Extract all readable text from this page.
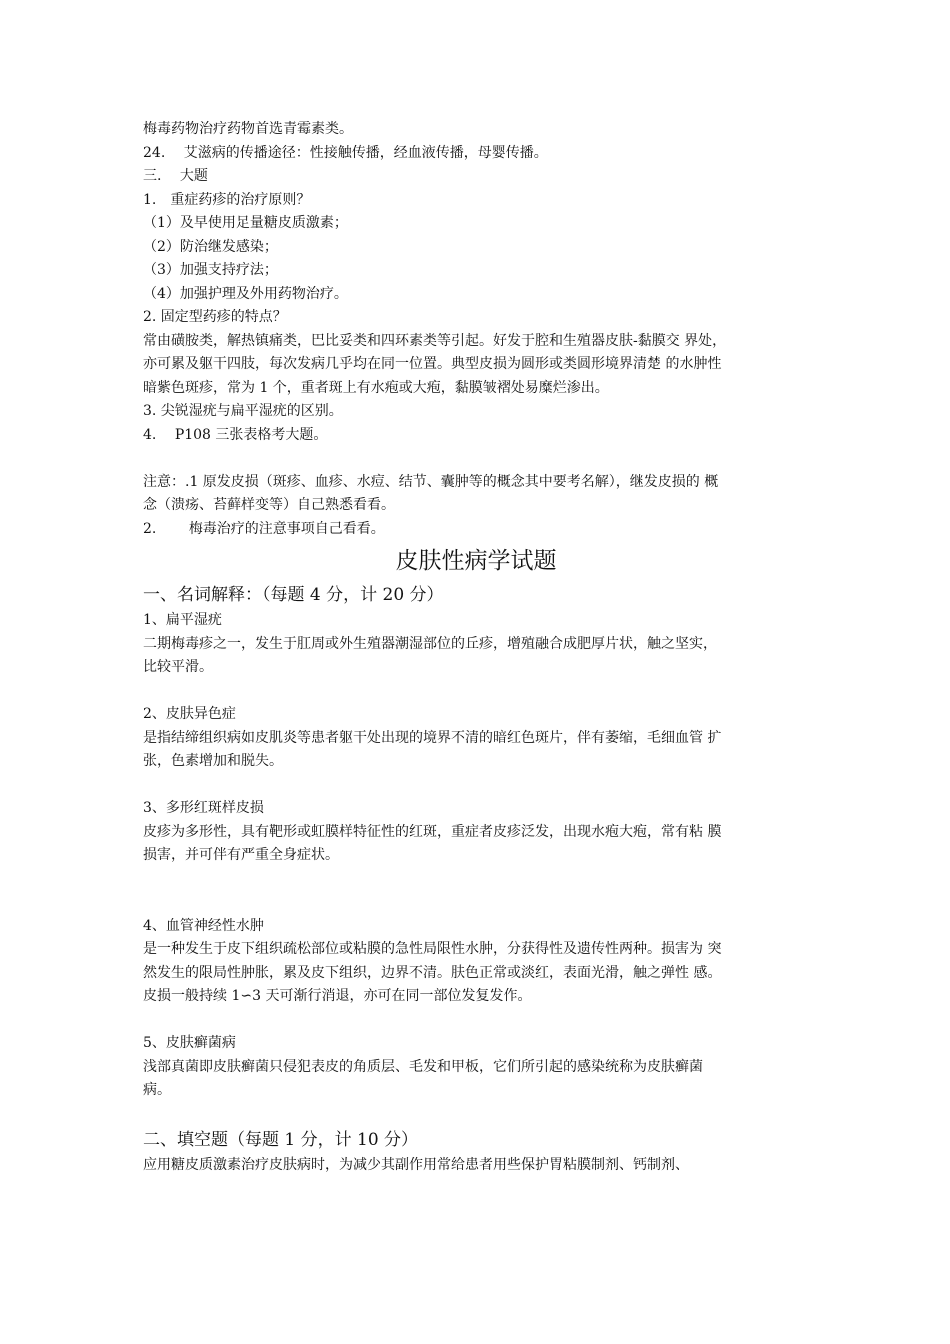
梅毒药物治疗药物首选青霉素类。
24.　 艾滋病的传播途径：性接触传播，经血液传播，母婴传播。
三.　 大题
1.　重症药疹的治疗原则？
（1）及早使用足量糖皮质激素；
（2）防治继发感染；
（3）加强支持疗法；
（4）加强护理及外用药物治疗。
2. 固定型药疹的特点？
常由磺胺类，解热镇痛类，巴比妥类和四环素类等引起。好发于腔和生殖器皮肤-黏膜交 界处，
亦可累及躯干四肢，每次发病几乎均在同一位置。典型皮损为圆形或类圆形境界清楚 的水肿性
暗紫色斑疹，常为 1 个，重者斑上有水疱或大疱，黏膜皱褶处易糜烂渗出。
3. 尖锐湿疣与扁平湿疣的区别。
4.　 P108 三张表格考大题。
注意：.1 原发皮损（斑疹、血疹、水痘、结节、囊肿等的概念其中要考名解），继发皮损的 概
念（溃疡、苔藓样变等）自己熟悉看看。
2.　　 梅毒治疗的注意事项自己看看。
皮肤性病学试题
一、名词解释：（每题 4 分，计 20 分）
1、扁平湿疣
二期梅毒疹之一，发生于肛周或外生殖器潮湿部位的丘疹，增殖融合成肥厚片状，触之坚实，
比较平滑。
2、皮肤异色症
是指结缔组织病如皮肌炎等患者躯干处出现的境界不清的暗红色斑片，伴有萎缩，毛细血管 扩
张，色素增加和脱失。
3、多形红斑样皮损
皮疹为多形性，具有靶形或虹膜样特征性的红斑，重症者皮疹泛发，出现水疱大疱，常有粘 膜
损害，并可伴有严重全身症状。
4、血管神经性水肿
是一种发生于皮下组织疏松部位或粘膜的急性局限性水肿，分获得性及遗传性两种。损害为 突
然发生的限局性肿胀，累及皮下组织，边界不清。肤色正常或淡红，表面光滑，触之弹性 感。
皮损一般持续 1∽3 天可渐行消退，亦可在同一部位发复发作。
5、皮肤癣菌病
浅部真菌即皮肤癣菌只侵犯表皮的角质层、毛发和甲板，它们所引起的感染统称为皮肤癣菌
病。
二、填空题（每题 1 分，计 10 分）
应用糖皮质激素治疗皮肤病时，为减少其副作用常给患者用些保护胃粘膜制剂、钙制剂、
